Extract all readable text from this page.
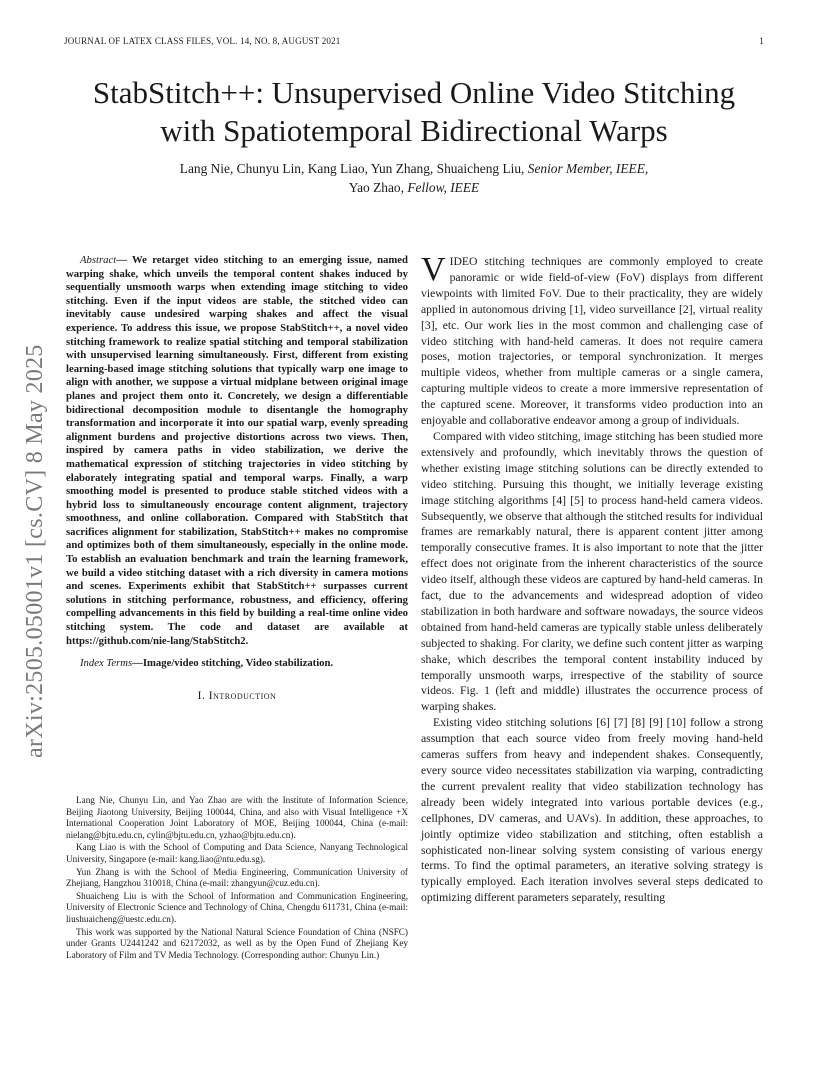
JOURNAL OF LATEX CLASS FILES, VOL. 14, NO. 8, AUGUST 2021	1
arXiv:2505.05001v1 [cs.CV] 8 May 2025
StabStitch++: Unsupervised Online Video Stitching
with Spatiotemporal Bidirectional Warps
Lang Nie, Chunyu Lin, Kang Liao, Yun Zhang, Shuaicheng Liu, Senior Member, IEEE,
Yao Zhao, Fellow, IEEE
Abstract— We retarget video stitching to an emerging issue, named warping shake, which unveils the temporal content shakes induced by sequentially unsmooth warps when extending image stitching to video stitching. Even if the input videos are stable, the stitched video can inevitably cause undesired warping shakes and affect the visual experience. To address this issue, we propose StabStitch++, a novel video stitching framework to realize spatial stitching and temporal stabilization with unsupervised learning simultaneously. First, different from existing learning-based image stitching solutions that typically warp one image to align with another, we suppose a virtual midplane between original image planes and project them onto it. Concretely, we design a differentiable bidirectional decomposition module to disentangle the homography transformation and incorporate it into our spatial warp, evenly spreading alignment burdens and projective distortions across two views. Then, inspired by camera paths in video stabilization, we derive the mathematical expression of stitching trajectories in video stitching by elaborately integrating spatial and temporal warps. Finally, a warp smoothing model is presented to produce stable stitched videos with a hybrid loss to simultaneously encourage content alignment, trajectory smoothness, and online collaboration. Compared with StabStitch that sacrifices alignment for stabilization, StabStitch++ makes no compromise and optimizes both of them simultaneously, especially in the online mode. To establish an evaluation benchmark and train the learning framework, we build a video stitching dataset with a rich diversity in camera motions and scenes. Experiments exhibit that StabStitch++ surpasses current solutions in stitching performance, robustness, and efficiency, offering compelling advancements in this field by building a real-time online video stitching system. The code and dataset are available at https://github.com/nie-lang/StabStitch2.
Index Terms—Image/video stitching, Video stabilization.
I. Introduction

Lang Nie, Chunyu Lin, and Yao Zhao are with the Institute of Information Science, Beijing Jiaotong University, Beijing 100044, China, and also with Visual Intelligence +X International Cooperation Joint Laboratory of MOE, Beijing 100044, China (e-mail: nielang@bjtu.edu.cn, cylin@bjtu.edu.cn, yzhao@bjtu.edu.cn).

Kang Liao is with the School of Computing and Data Science, Nanyang Technological University, Singapore (e-mail: kang.liao@ntu.edu.sg).

Yun Zhang is with the School of Media Engineering, Communication University of Zhejiang, Hangzhou 310018, China (e-mail: zhangyun@cuz.edu.cn).

Shuaicheng Liu is with the School of Information and Communication Engineering, University of Electronic Science and Technology of China, Chengdu 611731, China (e-mail: liushuaicheng@uestc.edu.cn).

This work was supported by the National Natural Science Foundation of China (NSFC) under Grants U2441242 and 62172032, as well as by the Open Fund of Zhejiang Key Laboratory of Film and TV Media Technology. (Corresponding author: Chunyu Lin.)

VIDEO stitching techniques are commonly employed to create panoramic or wide field-of-view (FoV) displays from different viewpoints with limited FoV. Due to their practicality, they are widely applied in autonomous driving [1], video surveillance [2], virtual reality [3], etc. Our work lies in the most common and challenging case of video stitching with hand-held cameras. It does not require camera poses, motion trajectories, or temporal synchronization. It merges multiple videos, whether from multiple cameras or a single camera, capturing multiple videos to create a more immersive representation of the captured scene. Moreover, it transforms video production into an enjoyable and collaborative endeavor among a group of individuals.

Compared with video stitching, image stitching has been studied more extensively and profoundly, which inevitably throws the question of whether existing image stitching solutions can be directly extended to video stitching. Pursuing this thought, we initially leverage existing image stitching algorithms [4] [5] to process hand-held camera videos. Subsequently, we observe that although the stitched results for individual frames are remarkably natural, there is apparent content jitter among temporally consecutive frames. It is also important to note that the jitter effect does not originate from the inherent characteristics of the source video itself, although these videos are captured by hand-held cameras. In fact, due to the advancements and widespread adoption of video stabilization in both hardware and software nowadays, the source videos obtained from hand-held cameras are typically stable unless deliberately subjected to shaking. For clarity, we define such content jitter as warping shake, which describes the temporal content instability induced by temporally unsmooth warps, irrespective of the stability of source videos. Fig. 1 (left and middle) illustrates the occurrence process of warping shakes.

Existing video stitching solutions [6] [7] [8] [9] [10] follow a strong assumption that each source video from freely moving hand-held cameras suffers from heavy and independent shakes. Consequently, every source video necessitates stabilization via warping, contradicting the current prevalent reality that video stabilization technology has already been widely integrated into various portable devices (e.g., cellphones, DV cameras, and UAVs). In addition, these approaches, to jointly optimize video stabilization and stitching, often establish a sophisticated non-linear solving system consisting of various energy terms. To find the optimal parameters, an iterative solving strategy is typically employed. Each iteration involves several steps dedicated to optimizing different parameters separately, resulting
